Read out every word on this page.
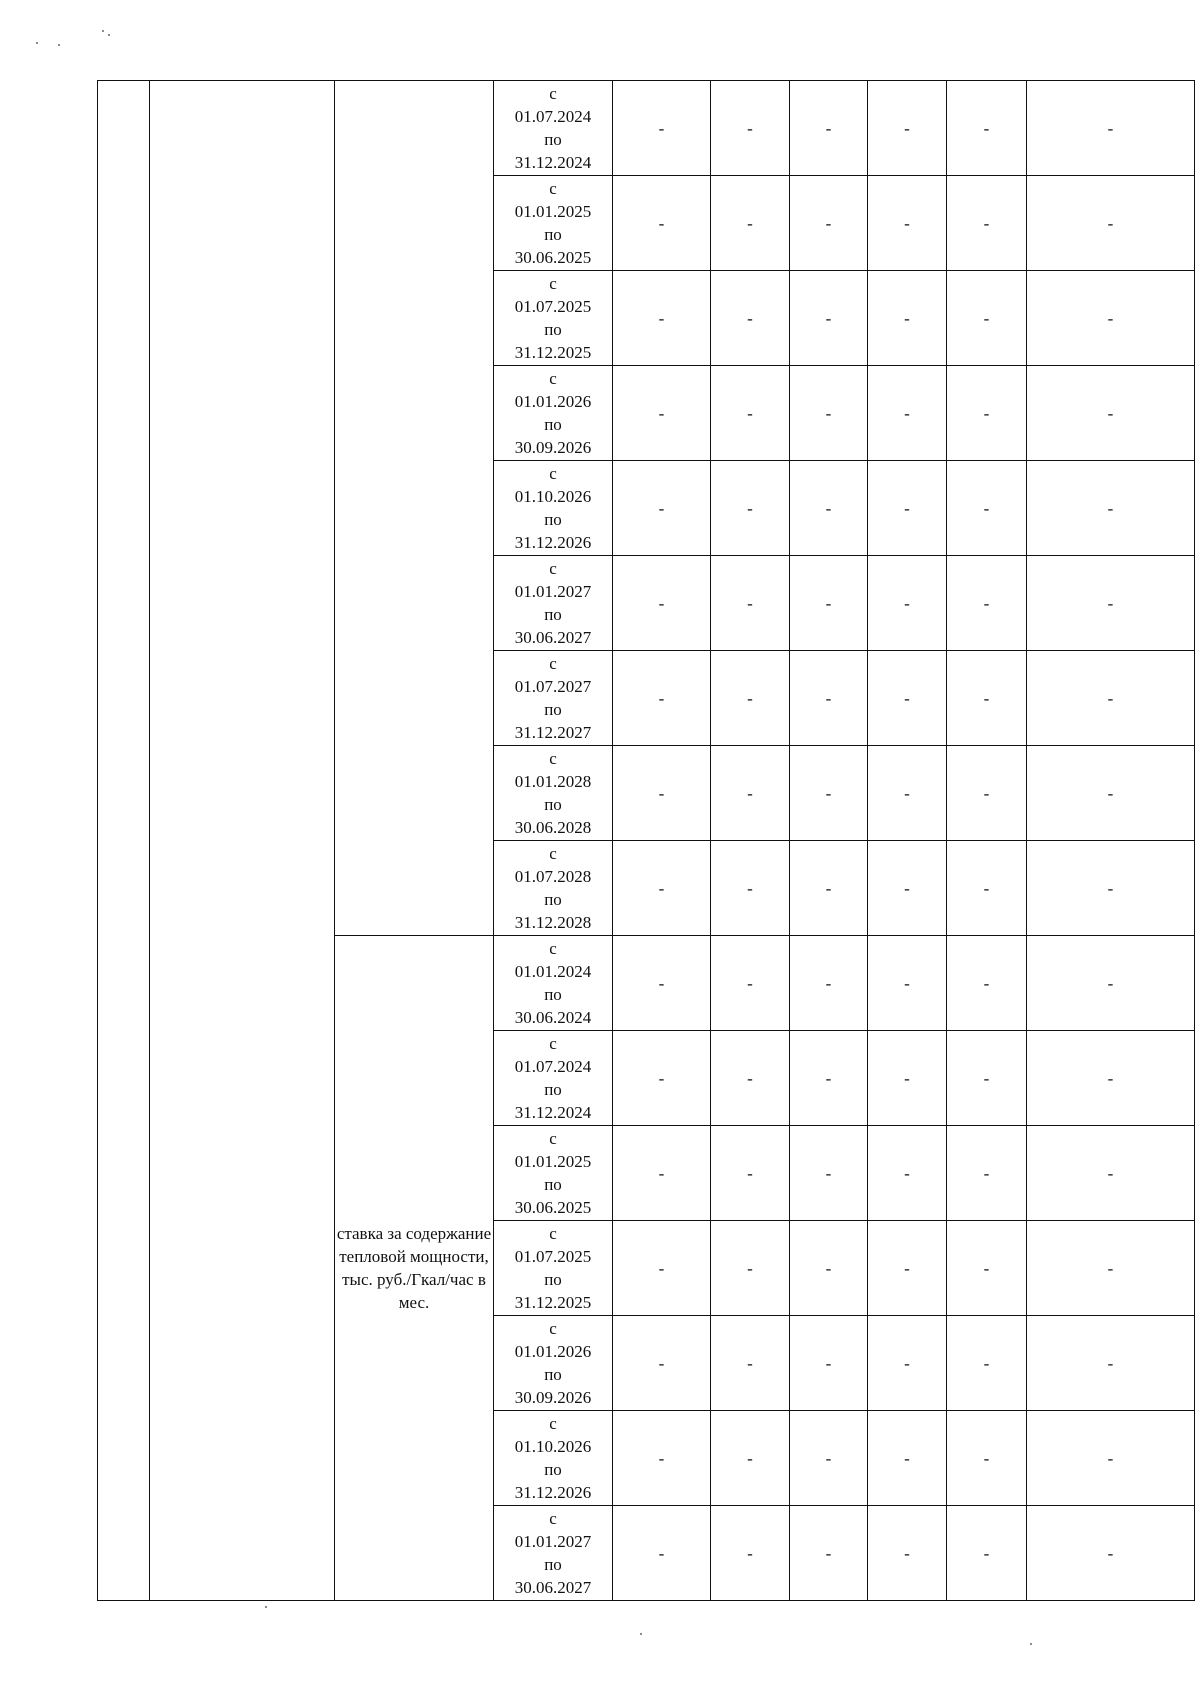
			с
01.07.2024
по
31.12.2024	-	-	-	-	-	-

			с
01.01.2025
по
30.06.2025	-	-	-	-	-	-

			с
01.07.2025
по
31.12.2025	-	-	-	-	-	-

			с
01.01.2026
по
30.09.2026	-	-	-	-	-	-

			с
01.10.2026
по
31.12.2026	-	-	-	-	-	-

			с
01.01.2027
по
30.06.2027	-	-	-	-	-	-

			с
01.07.2027
по
31.12.2027	-	-	-	-	-	-

			с
01.01.2028
по
30.06.2028	-	-	-	-	-	-

			с
01.07.2028
по
31.12.2028	-	-	-	-	-	-
		ставка за содержание тепловой мощности, тыс. руб./Гкал/час в мес.	с
01.01.2024
по
30.06.2024	-	-	-	-	-	-

			с
01.07.2024
по
31.12.2024	-	-	-	-	-	-

			с
01.01.2025
по
30.06.2025	-	-	-	-	-	-

			с
01.07.2025
по
31.12.2025	-	-	-	-	-	-

			с
01.01.2026
по
30.09.2026	-	-	-	-	-	-

			с
01.10.2026
по
31.12.2026	-	-	-	-	-	-

			с
01.01.2027
по
30.06.2027	-	-	-	-	-	-
